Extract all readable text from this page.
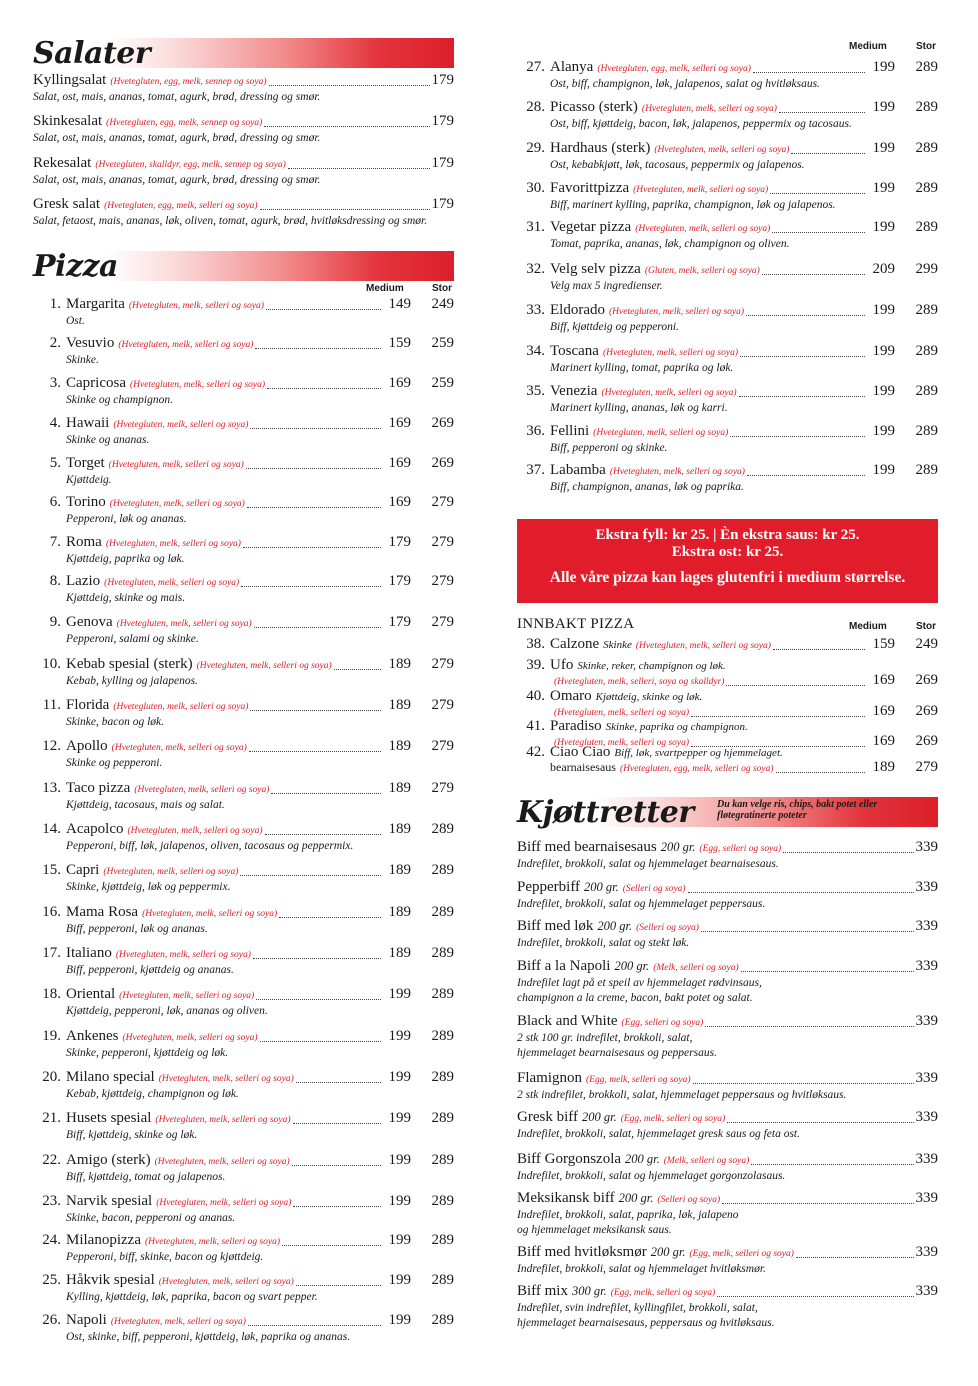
Salater
Kyllingsalat (Hvetegluten, egg, melk, sennep og soya)	179
Salat, ost, mais, ananas, tomat, agurk, brød, dressing og smør.
Skinkesalat (Hvetegluten, egg, melk, sennep og soya)	179
Salat, ost, mais, ananas, tomat, agurk, brød, dressing og smør.
Rekesalat (Hvetegluten, skalldyr, egg, melk, sennep og soya)	179
Salat, ost, mais, ananas, tomat, agurk, brød, dressing og smør.
Gresk salat (Hvetegluten, egg, melk, selleri og soya)	179
Salat, fetaost, mais, ananas, løk, oliven, tomat, agurk, brød, hvitløksdressing og smør.
Pizza
Medium	Stor
1. Margarita (Hvetegluten, melk, selleri og soya)	149	249
Ost.
2. Vesuvio (Hvetegluten, melk, selleri og soya)	159	259
Skinke.
3. Capricosa (Hvetegluten, melk, selleri og soya)	169	259
Skinke og champignon.
4. Hawaii (Hvetegluten, melk, selleri og soya)	169	269
Skinke og ananas.
5. Torget (Hvetegluten, melk, selleri og soya)	169	269
Kjøttdeig.
6. Torino (Hvetegluten, melk, selleri og soya)	169	279
Pepperoni, løk og ananas.
7. Roma (Hvetegluten, melk, selleri og soya)	179	279
Kjøttdeig, paprika og løk.
8. Lazio (Hvetegluten, melk, selleri og soya)	179	279
Kjøttdeig, skinke og mais.
9. Genova (Hvetegluten, melk, selleri og soya)	179	279
Pepperoni, salami og skinke.
10. Kebab spesial (sterk) (Hvetegluten, melk, selleri og soya)	189	279
Kebab, kylling og jalapenos.
11. Florida (Hvetegluten, melk, selleri og soya)	189	279
Skinke, bacon og løk.
12. Apollo (Hvetegluten, melk, selleri og soya)	189	279
Skinke og pepperoni.
13. Taco pizza (Hvetegluten, melk, selleri og soya)	189	279
Kjøttdeig, tacosaus, mais og salat.
14. Acapolco (Hvetegluten, melk, selleri og soya)	189	289
Pepperoni, biff, løk, jalapenos, oliven, tacosaus og peppermix.
15. Capri (Hvetegluten, melk, selleri og soya)	189	289
Skinke, kjøttdeig, løk og peppermix.
16. Mama Rosa (Hvetegluten, melk, selleri og soya)	189	289
Biff, pepperoni, løk og ananas.
17. Italiano (Hvetegluten, melk, selleri og soya)	189	289
Biff, pepperoni, kjøttdeig og ananas.
18. Oriental (Hvetegluten, melk, selleri og soya)	199	289
Kjøttdeig, pepperoni, løk, ananas og oliven.
19. Ankenes (Hvetegluten, melk, selleri og soya)	199	289
Skinke, pepperoni, kjøttdeig og løk.
20. Milano special (Hvetegluten, melk, selleri og soya)	199	289
Kebab, kjøttdeig, champignon og løk.
21. Husets spesial (Hvetegluten, melk, selleri og soya)	199	289
Biff, kjøttdeig, skinke og løk.
22. Amigo (sterk) (Hvetegluten, melk, selleri og soya)	199	289
Biff, kjøttdeig, tomat og jalapenos.
23. Narvik spesial (Hvetegluten, melk, selleri og soya)	199	289
Skinke, bacon, pepperoni og ananas.
24. Milanopizza (Hvetegluten, melk, selleri og soya)	199	289
Pepperoni, biff, skinke, bacon og kjøttdeig.
25. Håkvik spesial (Hvetegluten, melk, selleri og soya)	199	289
Kylling, kjøttdeig, løk, paprika, bacon og svart pepper.
26. Napoli (Hvetegluten, melk, selleri og soya)	199	289
Ost, skinke, biff, pepperoni, kjøttdeig, løk, paprika og ananas.
Medium	Stor
27. Alanya (Hvetegluten, egg, melk, selleri og soya)	199	289
Ost, biff, champignon, løk, jalapenos, salat og hvitløksaus.
28. Picasso (sterk) (Hvetegluten, melk, selleri og soya)	199	289
Ost, biff, kjøttdeig, bacon, løk, jalapenos, peppermix og tacosaus.
29. Hardhaus (sterk) (Hvetegluten, melk, selleri og soya)	199	289
Ost, kebabkjøtt, løk, tacosaus, peppermix og jalapenos.
30. Favorittpizza (Hvetegluten, melk, selleri og soya)	199	289
Biff, marinert kylling, paprika, champignon, løk og jalapenos.
31. Vegetar pizza (Hvetegluten, melk, selleri og soya)	199	289
Tomat, paprika, ananas, løk, champignon og oliven.
32. Velg selv pizza (Gluten, melk, selleri og soya)	209	299
Velg max 5 ingredienser.
33. Eldorado (Hvetegluten, melk, selleri og soya)	199	289
Biff, kjøttdeig og pepperoni.
34. Toscana (Hvetegluten, melk, selleri og soya)	199	289
Marinert kylling, tomat, paprika og løk.
35. Venezia (Hvetegluten, melk, selleri og soya)	199	289
Marinert kylling, ananas, løk og karri.
36. Fellini (Hvetegluten, melk, selleri og soya)	199	289
Biff, pepperoni og skinke.
37. Labamba (Hvetegluten, melk, selleri og soya)	199	289
Biff, champignon, ananas, løk og paprika.
Ekstra fyll: kr 25. | Èn ekstra saus: kr 25.
Ekstra ost: kr 25.
Alle våre pizza kan lages glutenfri i medium størrelse.
INNBAKT PIZZA	Medium	Stor
38. Calzone Skinke (Hvetegluten, melk, selleri og soya)	159	249
39. Ufo Skinke, reker, champignon og løk.
(Hvetegluten, melk, selleri, soya og skalldyr)	169	269
40. Omaro Kjøttdeig, skinke og løk.
(Hvetegluten, melk, selleri og soya)	169	269
41. Paradiso Skinke, paprika og champignon.
(Hvetegluten, melk, selleri og soya)	169	269
42. Ciao Ciao Biff, løk, svartpepper og hjemmelaget.
bearnaisesaus (Hvetegluten, egg, melk, selleri og soya)	189	279
Kjøttretter Du kan velge ris, chips, bakt potet eller fløtegratinerte poteter
Biff med bearnaisesaus 200 gr. (Egg, selleri og soya)	339
Indrefilet, brokkoli, salat og hjemmelaget bearnaisesaus.
Pepperbiff 200 gr. (Selleri og soya)	339
Indrefilet, brokkoli, salat og hjemmelaget peppersaus.
Biff med løk 200 gr. (Selleri og soya)	339
Indrefilet, brokkoli, salat og stekt løk.
Biff a la Napoli 200 gr. (Melk, selleri og soya)	339
Indrefilet lagt på et speil av hjemmelaget rødvinsaus,
champignon a la creme, bacon, bakt potet og salat.
Black and White (Egg, selleri og soya)	339
2 stk 100 gr. indrefilet, brokkoli, salat,
hjemmelaget bearnaisesaus og peppersaus.
Flamignon (Egg, melk, selleri og soya)	339
2 stk indrefilet, brokkoli, salat, hjemmelaget peppersaus og hvitløksaus.
Gresk biff 200 gr. (Egg, melk, selleri og soya)	339
Indrefilet, brokkoli, salat, hjemmelaget gresk saus og feta ost.
Biff Gorgonszola 200 gr. (Melk, selleri og soya)	339
Indrefilet, brokkoli, salat og hjemmelaget gorgonzolasaus.
Meksikansk biff 200 gr. (Selleri og soya)	339
Indrefilet, brokkoli, salat, paprika, løk, jalapeno
og hjemmelaget meksikansk saus.
Biff med hvitløksmør 200 gr. (Egg, melk, selleri og soya)	339
Indrefilet, brokkoli, salat og hjemmelaget hvitløksmør.
Biff mix 300 gr. (Egg, melk, selleri og soya)	339
Indrefilet, svin indrefilet, kyllingfilet, brokkoli, salat,
hjemmelaget bearnaisesaus, peppersaus og hvitløksaus.
